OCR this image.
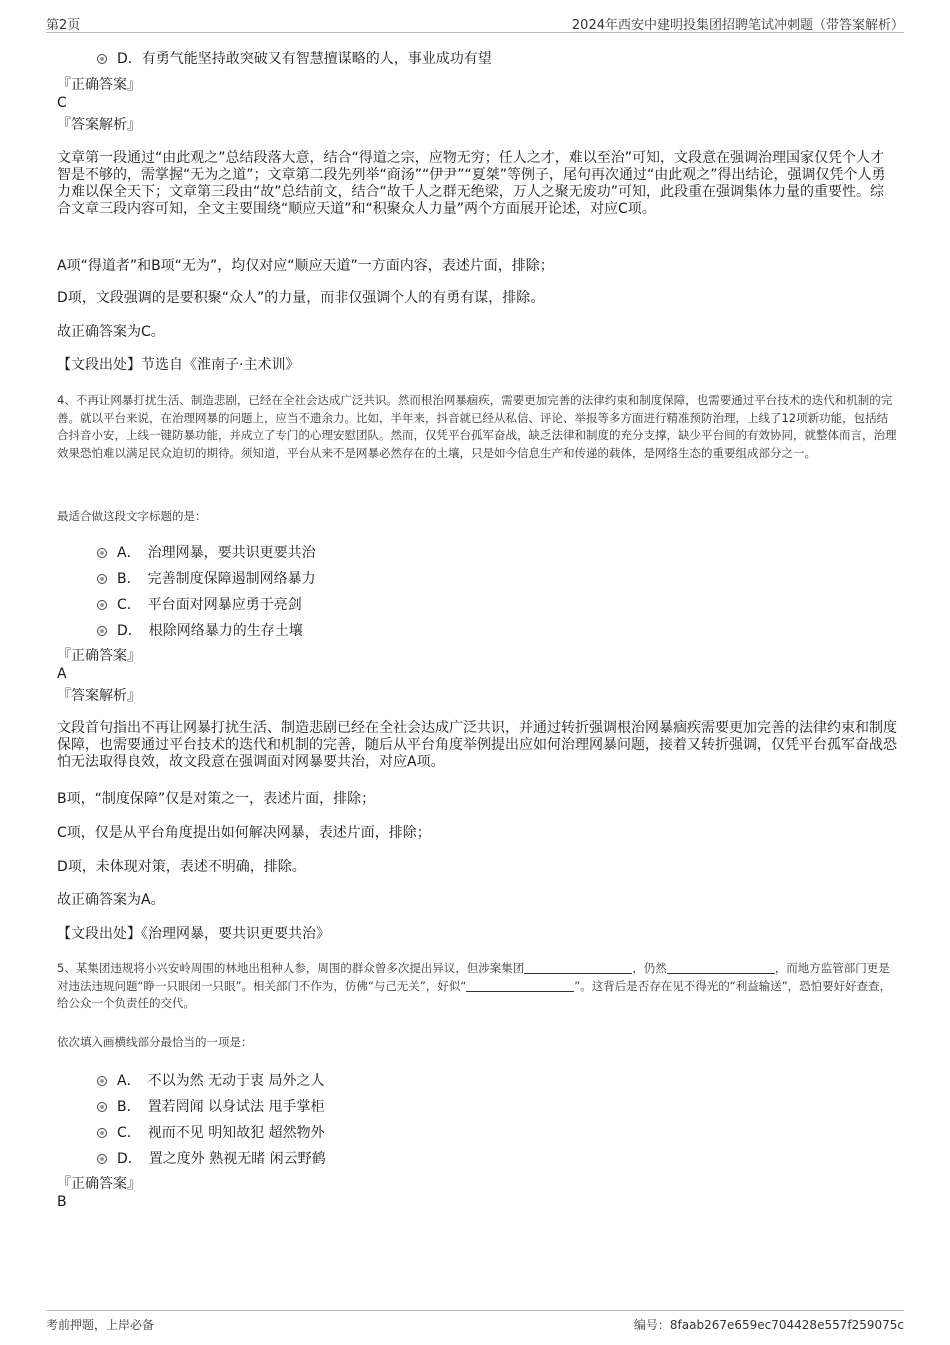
第2页	2024年西安中建明投集团招聘笔试冲刺题（带答案解析）
D．有勇气能坚持敢突破又有智慧擅谋略的人，事业成功有望
『正确答案』
C
『答案解析』
文章第一段通过“由此观之”总结段落大意，结合“得道之宗，应物无穷；任人之才，难以至治”可知，文段意在强调治理国家仅凭个人才智是不够的，需掌握“无为之道”；文章第二段先列举“商汤”“伊尹”“夏桀”等例子，尾句再次通过“由此观之”得出结论，强调仅凭个人勇力难以保全天下；文章第三段由“故”总结前文，结合“故千人之群无绝梁，万人之聚无废功”可知，此段重在强调集体力量的重要性。综合文章三段内容可知，全文主要围绕“顺应天道”和“积聚众人力量”两个方面展开论述，对应C项。
A项“得道者”和B项“无为”，均仅对应“顺应天道”一方面内容，表述片面，排除；
D项，文段强调的是要积聚“众人”的力量，而非仅强调个人的有勇有谋，排除。
故正确答案为C。
【文段出处】节选自《淮南子·主术训》
4、不再让网暴打扰生活、制造悲剧，已经在全社会达成广泛共识。然而根治网暴痼疾，需要更加完善的法律约束和制度保障，也需要通过平台技术的迭代和机制的完善。就以平台来说，在治理网暴的问题上，应当不遗余力。比如，半年来，抖音就已经从私信、评论、举报等多方面进行精准预防治理，上线了12项新功能，包括结合抖音小安，上线一键防暴功能，并成立了专门的心理安慰团队。然而，仅凭平台孤军奋战，缺乏法律和制度的充分支撑，缺少平台间的有效协同，就整体而言，治理效果恐怕难以满足民众迫切的期待。须知道，平台从来不是网暴必然存在的土壤，只是如今信息生产和传递的载体，是网络生态的重要组成部分之一。
最适合做这段文字标题的是：
A．　治理网暴，要共识更要共治
B．　完善制度保障遏制网络暴力
C．　平台面对网暴应勇于亮剑
D．　根除网络暴力的生存土壤
『正确答案』
A
『答案解析』
文段首句指出不再让网暴打扰生活、制造悲剧已经在全社会达成广泛共识，并通过转折强调根治网暴痼疾需要更加完善的法律约束和制度保障，也需要通过平台技术的迭代和机制的完善，随后从平台角度举例提出应如何治理网暴问题，接着又转折强调，仅凭平台孤军奋战恐怕无法取得良效，故文段意在强调面对网暴要共治，对应A项。
B项，“制度保障”仅是对策之一，表述片面，排除；
C项，仅是从平台角度提出如何解决网暴，表述片面，排除；
D项，未体现对策，表述不明确，排除。
故正确答案为A。
【文段出处】《治理网暴，要共识更要共治》
5、某集团违规将小兴安岭周围的林地出租种人参，周围的群众曾多次提出异议，但涉案集团	，仍然	，而地方监管部门更是对违法违规问题“睁一只眼闭一只眼”。相关部门不作为，仿佛“与己无关”，好似“	”。这背后是否存在见不得光的“利益输送”，恐怕要好好查查，给公众一个负责任的交代。
依次填入画横线部分最恰当的一项是：
A．　不以为然 无动于衷 局外之人
B．　置若罔闻 以身试法 甩手掌柜
C．　视而不见 明知故犯 超然物外
D．　置之度外 熟视无睹 闲云野鹤
『正确答案』
B
考前押题，上岸必备	编号：8faab267e659ec704428e557f259075c
